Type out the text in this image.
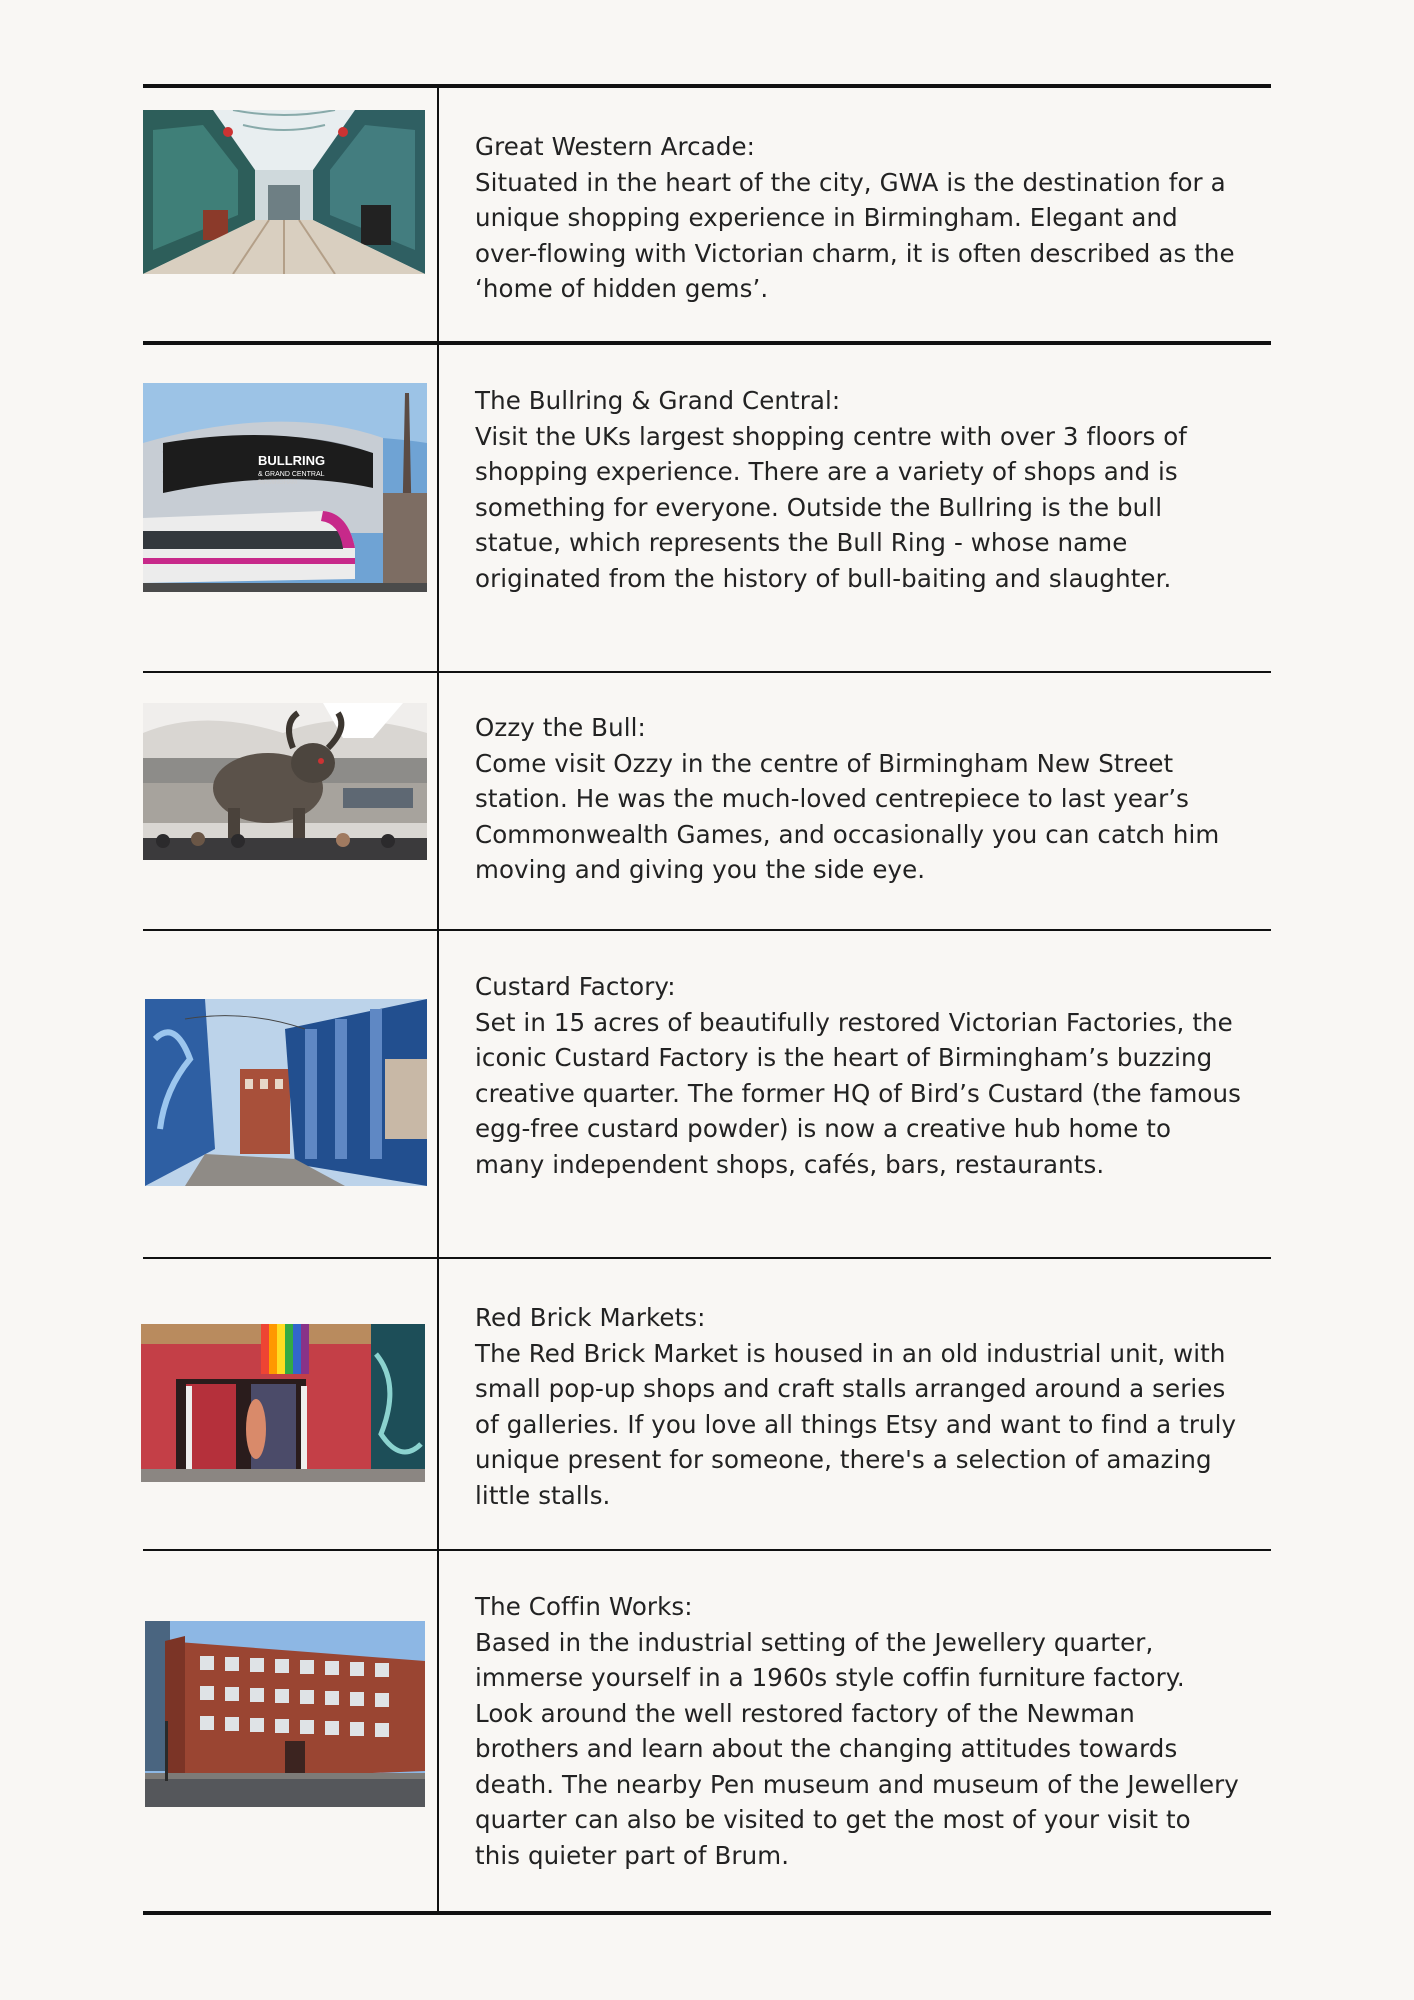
Great Western Arcade:

Situated in the heart of the city, GWA is the destination for a unique shopping experience in Birmingham. Elegant and over-flowing with Victorian charm, it is often described as the ‘home of hidden gems’.

BULLRING
& GRAND CENTRAL
BIRMINGHAM

The Bullring & Grand Central:

Visit the UKs largest shopping centre with over 3 floors of shopping experience. There are a variety of shops and is something for everyone. Outside the Bullring is the bull statue, which represents the Bull Ring - whose name originated from the history of bull-baiting and slaughter.

Ozzy the Bull:

Come visit Ozzy in the centre of Birmingham New Street station. He was the much-loved centrepiece to last year’s Commonwealth Games, and occasionally you can catch him moving and giving you the side eye.

Custard Factory:

Set in 15 acres of beautifully restored Victorian Factories, the iconic Custard Factory is the heart of Birmingham’s buzzing creative quarter. The former HQ of Bird’s Custard (the famous egg-free custard powder) is now a creative hub home to many independent shops, cafés, bars, restaurants.

Red Brick Markets:

The Red Brick Market is housed in an old industrial unit, with small pop-up shops and craft stalls arranged around a series of galleries. If you love all things Etsy and want to find a truly unique present for someone, there's a selection of amazing little stalls.

The Coffin Works:

Based in the industrial setting of the Jewellery quarter, immerse yourself in a 1960s style coffin furniture factory. Look around the well restored factory of the Newman brothers and learn about the changing attitudes towards death. The nearby Pen museum and museum of the Jewellery quarter can also be visited to get the most of your visit to this quieter part of Brum.
